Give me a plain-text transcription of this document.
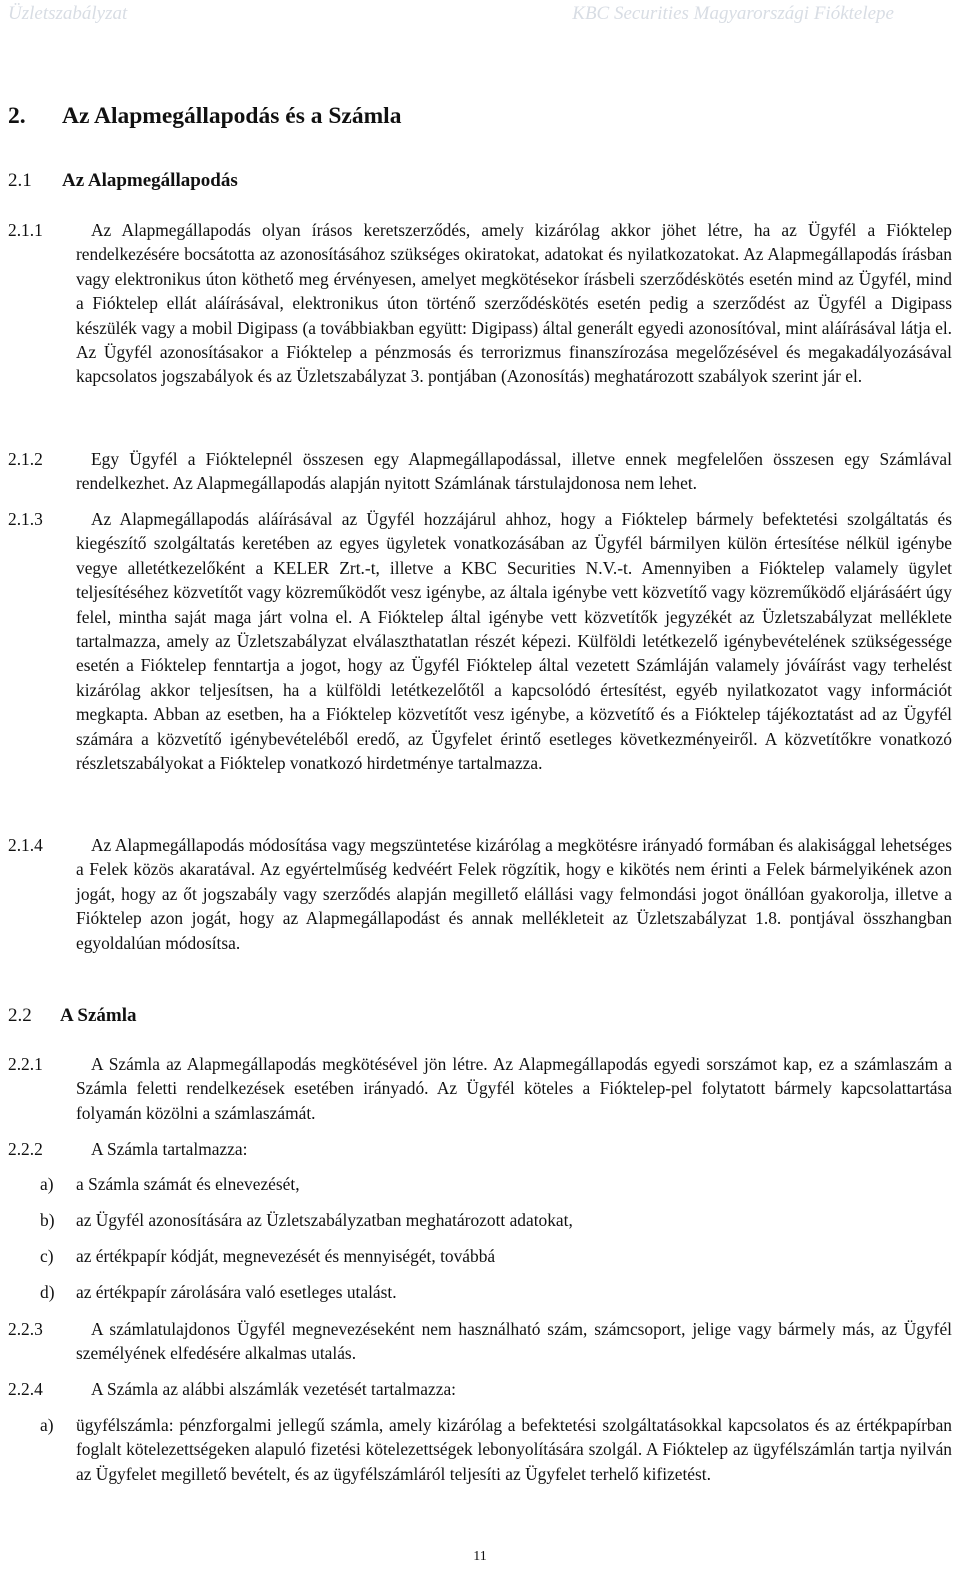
Üzletszabályzat	KBC Securities Magyarországi Fióktelepe
2. Az Alapmegállapodás és a Számla
2.1 Az Alapmegállapodás
2.1.1	Az Alapmegállapodás olyan írásos keretszerződés, amely kizárólag akkor jöhet létre, ha az Ügyfél a Fióktelep rendelkezésére bocsátotta az azonosításához szükséges okiratokat, adatokat és nyilatkozatokat. Az Alapmegállapodás írásban vagy elektronikus úton köthető meg érvényesen, amelyet megkötésekor írásbeli szerződéskötés esetén mind az Ügyfél, mind a Fióktelep ellát aláírásával, elektronikus úton történő szerződéskötés esetén pedig a szerződést az Ügyfél a Digipass készülék vagy a mobil Digipass (a továbbiakban együtt: Digipass) által generált egyedi azonosítóval, mint aláírásával látja el. Az Ügyfél azonosításakor a Fióktelep a pénzmosás és terrorizmus finanszírozása megelőzésével és megakadályozásával kapcsolatos jogszabályok és az Üzletszabályzat 3. pontjában (Azonosítás) meghatározott szabályok szerint jár el.

2.1.2	Egy Ügyfél a Fióktelepnél összesen egy Alapmegállapodással, illetve ennek megfelelően összesen egy Számlával rendelkezhet. Az Alapmegállapodás alapján nyitott Számlának társtulajdonosa nem lehet.

2.1.3	Az Alapmegállapodás aláírásával az Ügyfél hozzájárul ahhoz, hogy a Fióktelep bármely befektetési szolgáltatás és kiegészítő szolgáltatás keretében az egyes ügyletek vonatkozásában az Ügyfél bármilyen külön értesítése nélkül igénybe vegye alletétkezelőként a KELER Zrt.-t, illetve a KBC Securities N.V.-t. Amennyiben a Fióktelep valamely ügylet teljesítéséhez közvetítőt vagy közreműködőt vesz igénybe, az általa igénybe vett közvetítő vagy közreműködő eljárásáért úgy felel, mintha saját maga járt volna el. A Fióktelep által igénybe vett közvetítők jegyzékét az Üzletszabályzat melléklete tartalmazza, amely az Üzletszabályzat elválaszthatatlan részét képezi. Külföldi letétkezelő igénybevételének szükségessége esetén a Fióktelep fenntartja a jogot, hogy az Ügyfél Fióktelep által vezetett Számláján valamely jóváírást vagy terhelést kizárólag akkor teljesítsen, ha a külföldi letétkezelőtől a kapcsolódó értesítést, egyéb nyilatkozatot vagy információt megkapta. Abban az esetben, ha a Fióktelep közvetítőt vesz igénybe, a közvetítő és a Fióktelep tájékoztatást ad az Ügyfél számára a közvetítő igénybevételéből eredő, az Ügyfelet érintő esetleges következményeiről. A közvetítőkre vonatkozó részletszabályokat a Fióktelep vonatkozó hirdetménye tartalmazza.

2.1.4	Az Alapmegállapodás módosítása vagy megszüntetése kizárólag a megkötésre irányadó formában és alakisággal lehetséges a Felek közös akaratával. Az egyértelműség kedvéért Felek rögzítik, hogy e kikötés nem érinti a Felek bármelyikének azon jogát, hogy az őt jogszabály vagy szerződés alapján megillető elállási vagy felmondási jogot önállóan gyakorolja, illetve a Fióktelep azon jogát, hogy az Alapmegállapodást és annak mellékleteit az Üzletszabályzat 1.8. pontjával összhangban egyoldalúan módosítsa.

2.2 A Számla
2.2.1	A Számla az Alapmegállapodás megkötésével jön létre. Az Alapmegállapodás egyedi sorszámot kap, ez a számlaszám a Számla feletti rendelkezések esetében irányadó. Az Ügyfél köteles a Fióktelep-pel folytatott bármely kapcsolattartása folyamán közölni a számlaszámát.

2.2.2	A Számla tartalmazza:

a) a Számla számát és elnevezését,
b) az Ügyfél azonosítására az Üzletszabályzatban meghatározott adatokat,
c) az értékpapír kódját, megnevezését és mennyiségét, továbbá
d) az értékpapír zárolására való esetleges utalást.
2.2.3	A számlatulajdonos Ügyfél megnevezéseként nem használható szám, számcsoport, jelige vagy bármely más, az Ügyfél személyének elfedésére alkalmas utalás.

2.2.4	A Számla az alábbi alszámlák vezetését tartalmazza:

a) ügyfélszámla: pénzforgalmi jellegű számla, amely kizárólag a befektetési szolgáltatásokkal kapcsolatos és az értékpapírban foglalt kötelezettségeken alapuló fizetési kötelezettségek lebonyolítására szolgál. A Fióktelep az ügyfélszámlán tartja nyilván az Ügyfelet megillető bevételt, és az ügyfélszámláról teljesíti az Ügyfelet terhelő kifizetést.
11
